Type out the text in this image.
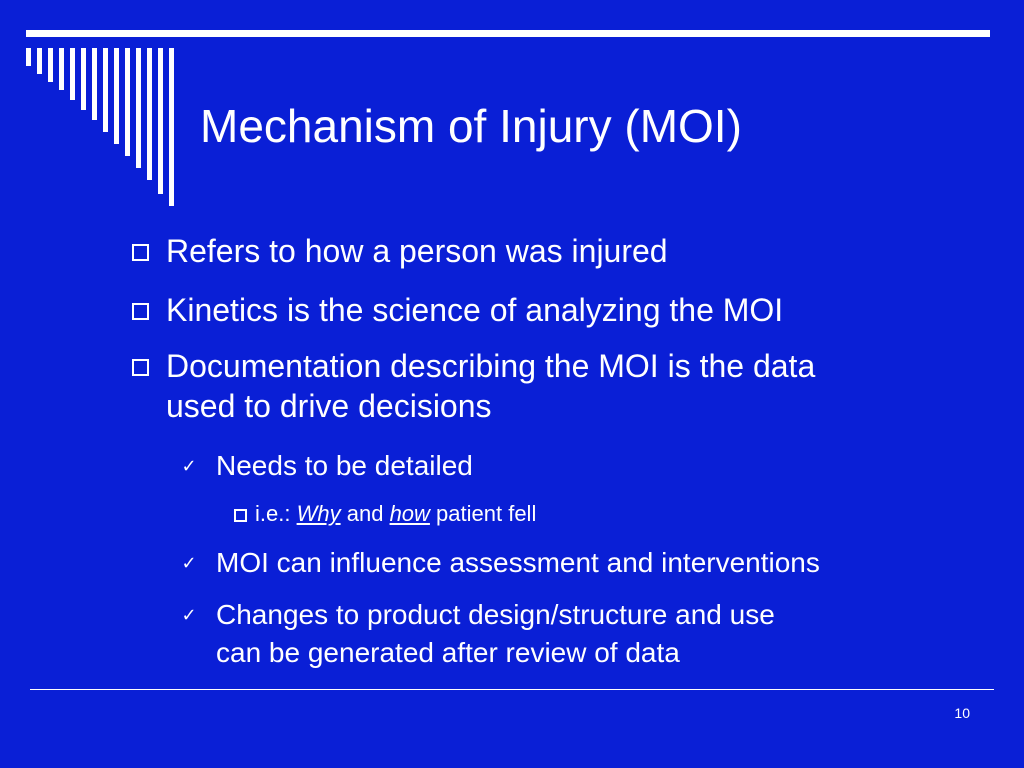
Mechanism of Injury (MOI)
Refers to how a person was injured
Kinetics is the science of analyzing the MOI
Documentation describing the MOI is the data
used to drive decisions
✓ Needs to be detailed
i.e.: Why and how patient fell
✓ MOI can influence assessment and interventions
✓ Changes to product design/structure and use
can be generated after review of data
10
